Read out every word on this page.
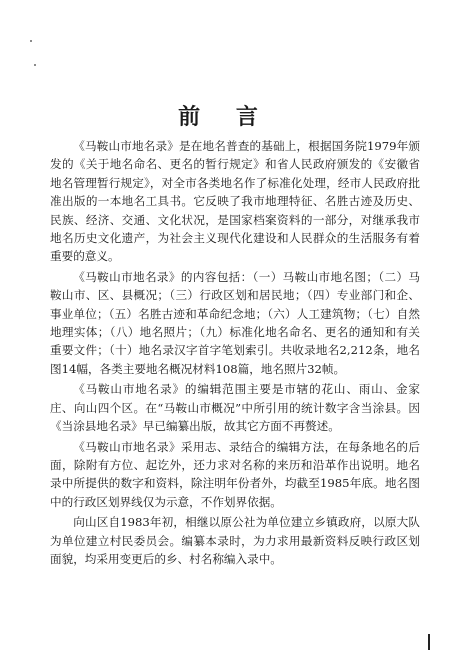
前 言

《马鞍山市地名录》是在地名普查的基础上，根据国务院1979年颁发的《关于地名命名、更名的暂行规定》和省人民政府颁发的《安徽省地名管理暂行规定》，对全市各类地名作了标准化处理，经市人民政府批准出版的一本地名工具书。它反映了我市地理特征、名胜古迹及历史、民族、经济、交通、文化状况，是国家档案资料的一部分，对继承我市地名历史文化遗产，为社会主义现代化建设和人民群众的生活服务有着重要的意义。

《马鞍山市地名录》的内容包括：（一）马鞍山市地名图；（二）马鞍山市、区、县概况；（三）行政区划和居民地；（四）专业部门和企、事业单位；（五）名胜古迹和革命纪念地；（六）人工建筑物；（七）自然地理实体；（八）地名照片；（九）标准化地名命名、更名的通知和有关重要文件；（十）地名录汉字首字笔划索引。共收录地名2,212条，地名图14幅，各类主要地名概况材料108篇，地名照片32帧。

《马鞍山市地名录》的编辑范围主要是市辖的花山、雨山、金家庄、向山四个区。在“马鞍山市概况”中所引用的统计数字含当涂县。因《当涂县地名录》早已编纂出版，故其它方面不再赘述。

《马鞍山市地名录》采用志、录结合的编辑方法，在每条地名的后面，除附有方位、起讫外，还力求对名称的来历和沿革作出说明。地名录中所提供的数字和资料，除注明年份者外，均截至1985年底。地名图中的行政区划界线仅为示意，不作划界依据。

向山区自1983年初，相继以原公社为单位建立乡镇政府，以原大队为单位建立村民委员会。编纂本录时，为力求用最新资料反映行政区划面貌，均采用变更后的乡、村名称编入录中。
